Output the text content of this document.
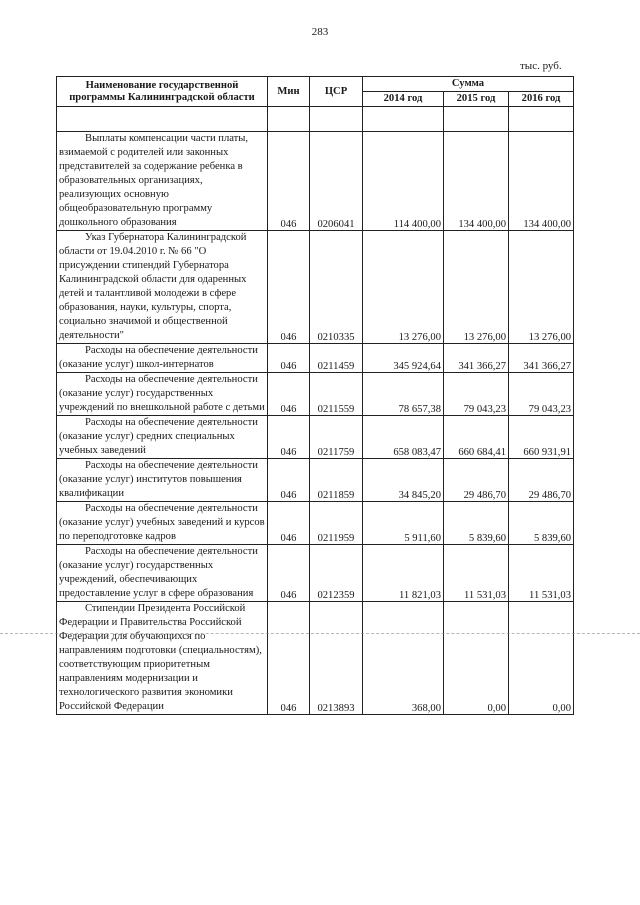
283
тыс. руб.
Наименование государственной программы Калининградской области	Мин	ЦСР	Сумма		
			2014 год	2015 год	2016 год

Выплаты компенсации части платы, взимаемой с родителей или законных представителей за содержание ребенка в образовательных организациях, реализующих основную общеобразовательную программу дошкольного образования	046	0206041	114 400,00	134 400,00	134 400,00

Указ Губернатора Калининградской области от 19.04.2010 г. № 66 "О присуждении стипендий Губернатора Калининградской области для одаренных детей и талантливой молодежи в сфере образования, науки, культуры, спорта, социально значимой и общественной деятельности"	046	0210335	13 276,00	13 276,00	13 276,00

Расходы на обеспечение деятельности (оказание услуг) школ-интернатов	046	0211459	345 924,64	341 366,27	341 366,27

Расходы на обеспечение деятельности (оказание услуг) государственных учреждений по внешкольной работе с детьми	046	0211559	78 657,38	79 043,23	79 043,23

Расходы на обеспечение деятельности (оказание услуг) средних специальных учебных заведений	046	0211759	658 083,47	660 684,41	660 931,91

Расходы на обеспечение деятельности (оказание услуг) институтов повышения квалификации	046	0211859	34 845,20	29 486,70	29 486,70

Расходы на обеспечение деятельности (оказание услуг) учебных заведений и курсов по переподготовке кадров	046	0211959	5 911,60	5 839,60	5 839,60

Расходы на обеспечение деятельности (оказание услуг) государственных учреждений, обеспечивающих предоставление услуг в сфере образования	046	0212359	11 821,03	11 531,03	11 531,03

Стипендии Президента Российской Федерации и Правительства Российской Федерации для обучающихся по направлениям подготовки (специальностям), соответствующим приоритетным направлениям модернизации и технологического развития экономики Российской Федерации	046	0213893	368,00	0,00	0,00
